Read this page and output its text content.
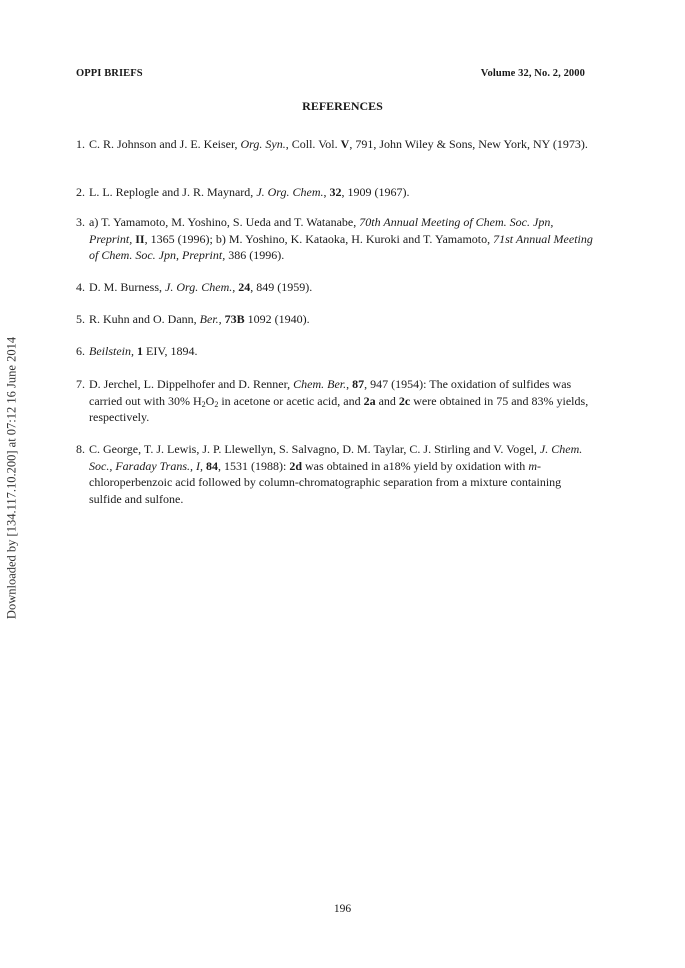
OPPI BRIEFS	Volume 32, No. 2, 2000
REFERENCES
Downloaded by [134.117.10.200] at 07:12 16 June 2014
1. C. R. Johnson and J. E. Keiser, Org. Syn., Coll. Vol. V, 791, John Wiley & Sons, New York, NY (1973).
2. L. L. Replogle and J. R. Maynard, J. Org. Chem., 32, 1909 (1967).
3. a) T. Yamamoto, M. Yoshino, S. Ueda and T. Watanabe, 70th Annual Meeting of Chem. Soc. Jpn, Preprint, II, 1365 (1996); b) M. Yoshino, K. Kataoka, H. Kuroki and T. Yamamoto, 71st Annual Meeting of Chem. Soc. Jpn, Preprint, 386 (1996).
4. D. M. Burness, J. Org. Chem., 24, 849 (1959).
5. R. Kuhn and O. Dann, Ber., 73B 1092 (1940).
6. Beilstein, 1 EIV, 1894.
7. D. Jerchel, L. Dippelhofer and D. Renner, Chem. Ber., 87, 947 (1954): The oxidation of sulfides was carried out with 30% $H_2O_2$ in acetone or acetic acid, and 2a and 2c were obtained in 75 and 83% yields, respectively.
8. C. George, T. J. Lewis, J. P. Llewellyn, S. Salvagno, D. M. Taylar, C. J. Stirling and V. Vogel, J. Chem. Soc., Faraday Trans., I, 84, 1531 (1988): 2d was obtained in a18% yield by oxidation with m-chloroperbenzoic acid followed by column-chromatographic separation from a mixture containing sulfide and sulfone.
196
